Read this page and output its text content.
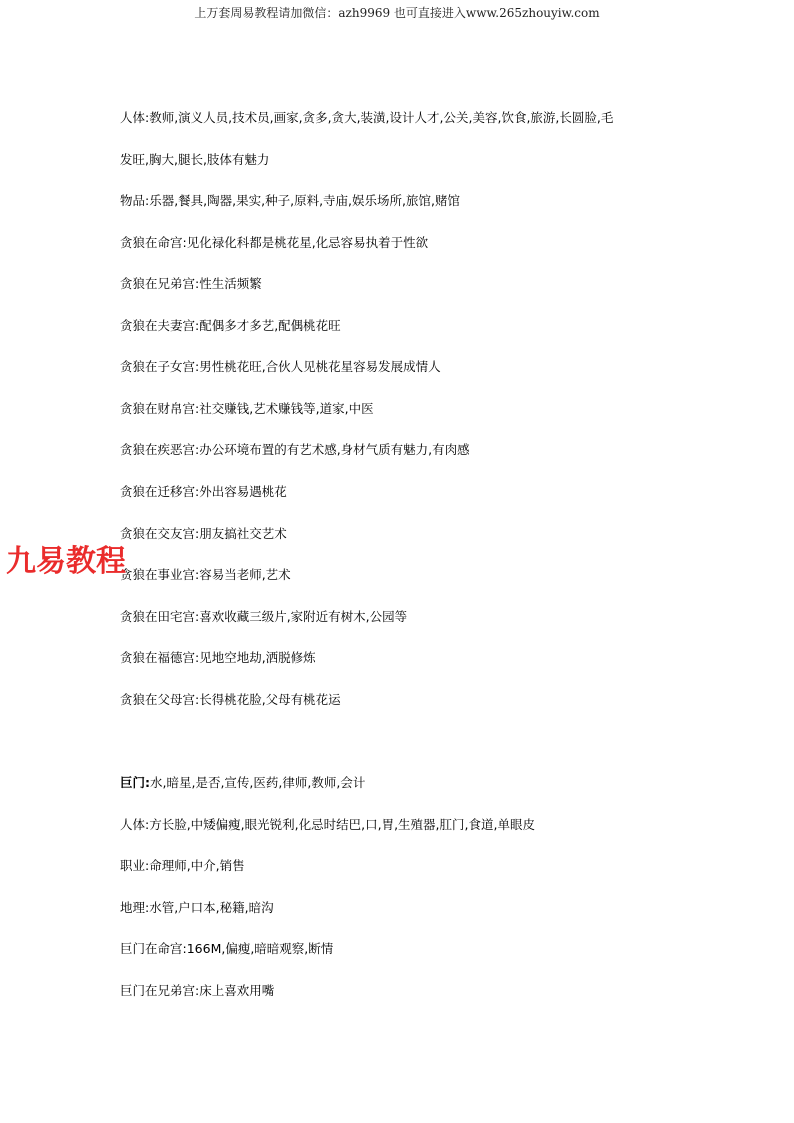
上万套周易教程请加微信：azh9969 也可直接进入www.265zhouyiw.com
人体:教师,演义人员,技术员,画家,贪多,贪大,装潢,设计人才,公关,美容,饮食,旅游,长圆脸,毛
发旺,胸大,腿长,肢体有魅力
物品:乐器,餐具,陶器,果实,种子,原料,寺庙,娱乐场所,旅馆,赌馆
贪狼在命宫:见化禄化科都是桃花星,化忌容易执着于性欲
贪狼在兄弟宫:性生活频繁
贪狼在夫妻宫:配偶多才多艺,配偶桃花旺
贪狼在子女宫:男性桃花旺,合伙人见桃花星容易发展成情人
贪狼在财帛宫:社交赚钱,艺术赚钱等,道家,中医
贪狼在疾恶宫:办公环境布置的有艺术感,身材气质有魅力,有肉感
贪狼在迁移宫:外出容易遇桃花
贪狼在交友宫:朋友搞社交艺术
贪狼在事业宫:容易当老师,艺术
贪狼在田宅宫:喜欢收藏三级片,家附近有树木,公园等
贪狼在福德宫:见地空地劫,洒脱修炼
贪狼在父母宫:长得桃花脸,父母有桃花运
巨门:水,暗星,是否,宣传,医药,律师,教师,会计
人体:方长脸,中矮偏瘦,眼光锐利,化忌时结巴,口,胃,生殖器,肛门,食道,单眼皮
职业:命理师,中介,销售
地理:水管,户口本,秘籍,暗沟
巨门在命宫:166M,偏瘦,暗暗观察,断情
巨门在兄弟宫:床上喜欢用嘴
九易教程
